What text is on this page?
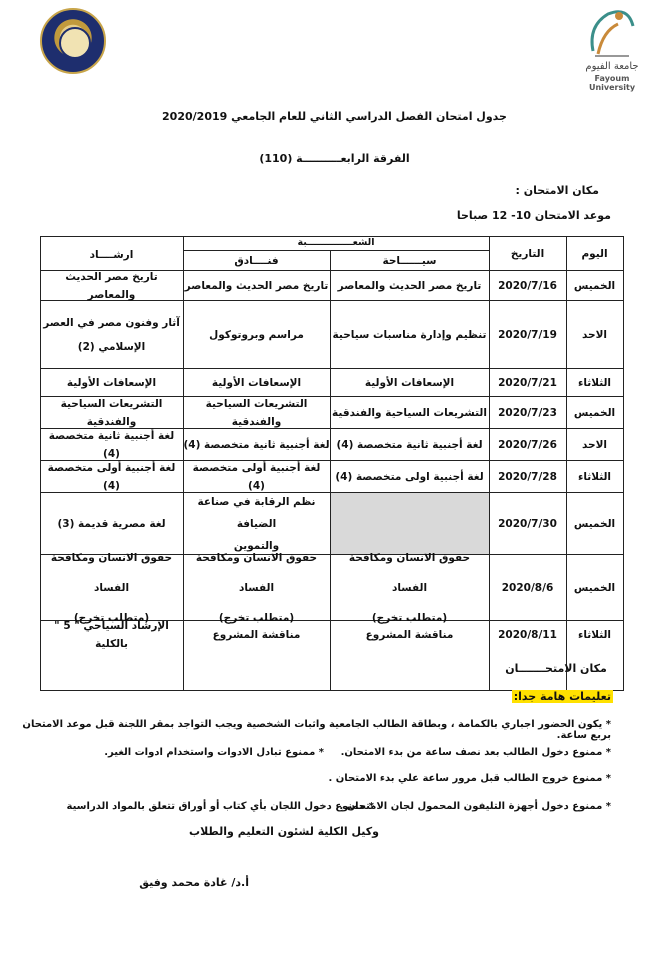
جامعة الفيوم
Fayoum University
جدول امتحان الفصل الدراسي الثاني للعام الجامعي 2020/2019
الفرقة الرابعــــــــــة (110)
مكان الامتحان :
موعد الامتحان 10- 12 صباحا
اليوم
التاريخ
الشعــــــــــــــبة
سيــــــاحة
فنــــادق
ارشــــاد
الخميس
2020/7/16
تاريخ مصر الحديث والمعاصر
تاريخ مصر الحديث والمعاصر
تاريخ مصر الحديث والمعاصر
الاحد
2020/7/19
تنظيم وإدارة مناسبات سياحية
مراسم وبروتوكول
آثار وفنون مصر في العصر
الإسلامي (2)
الثلاثاء
2020/7/21
الإسعافات الأولية
الإسعافات الأولية
الإسعافات الأولية
الخميس
2020/7/23
التشريعات السياحية والفندقية
التشريعات السياحية والفندقية
التشريعات السياحية والفندقية
الاحد
2020/7/26
لغة أجنبية ثانية متخصصة (4)
لغة أجنبية ثانية متخصصة (4)
لغة أجنبية ثانية متخصصة (4)
الثلاثاء
2020/7/28
لغة أجنبية اولى متخصصة (4)
لغة أجنبية أولى متخصصة (4)
لغة أجنبية أولى متخصصة (4)
الخميس
2020/7/30
نظم الرقابة في صناعة الضيافة
والتموين
لغة مصرية قديمة (3)
الخميس
2020/8/6
حقوق الانسان ومكافحة الفساد
(متطلب تخرج)
حقوق الانسان ومكافحة الفساد
(متطلب تخرج)
حقوق الانسان ومكافحة الفساد
(متطلب تخرج)
الثلاثاء
2020/8/11
مناقشة المشروع
مناقشة المشروع
الإرشاد السياحي " 5 " بالكلية
مكان الامتحـــــــان
تعليمات هامة جدا:
* يكون الحضور اجباري بالكمامة ، وبطاقة الطالب الجامعية واثبات الشخصية ويجب التواجد بمقر اللجنة قبل موعد الامتحان بربع ساعة.
* ممنوع دخول الطالب بعد نصف ساعة من بدء الامتحان.
* ممنوع تبادل الادوات واستخدام ادوات الغير.
* ممنوع خروج الطالب قبل مرور ساعة علي بدء الامتحان .
* ممنوع دخول أجهزة التليفون المحمول لجان الامتحان .
* ممنوع دخول اللجان بأي كتاب أو أوراق تتعلق بالمواد الدراسية
وكيل الكلية لشئون التعليم والطلاب
أ.د/ غادة محمد وفيق
